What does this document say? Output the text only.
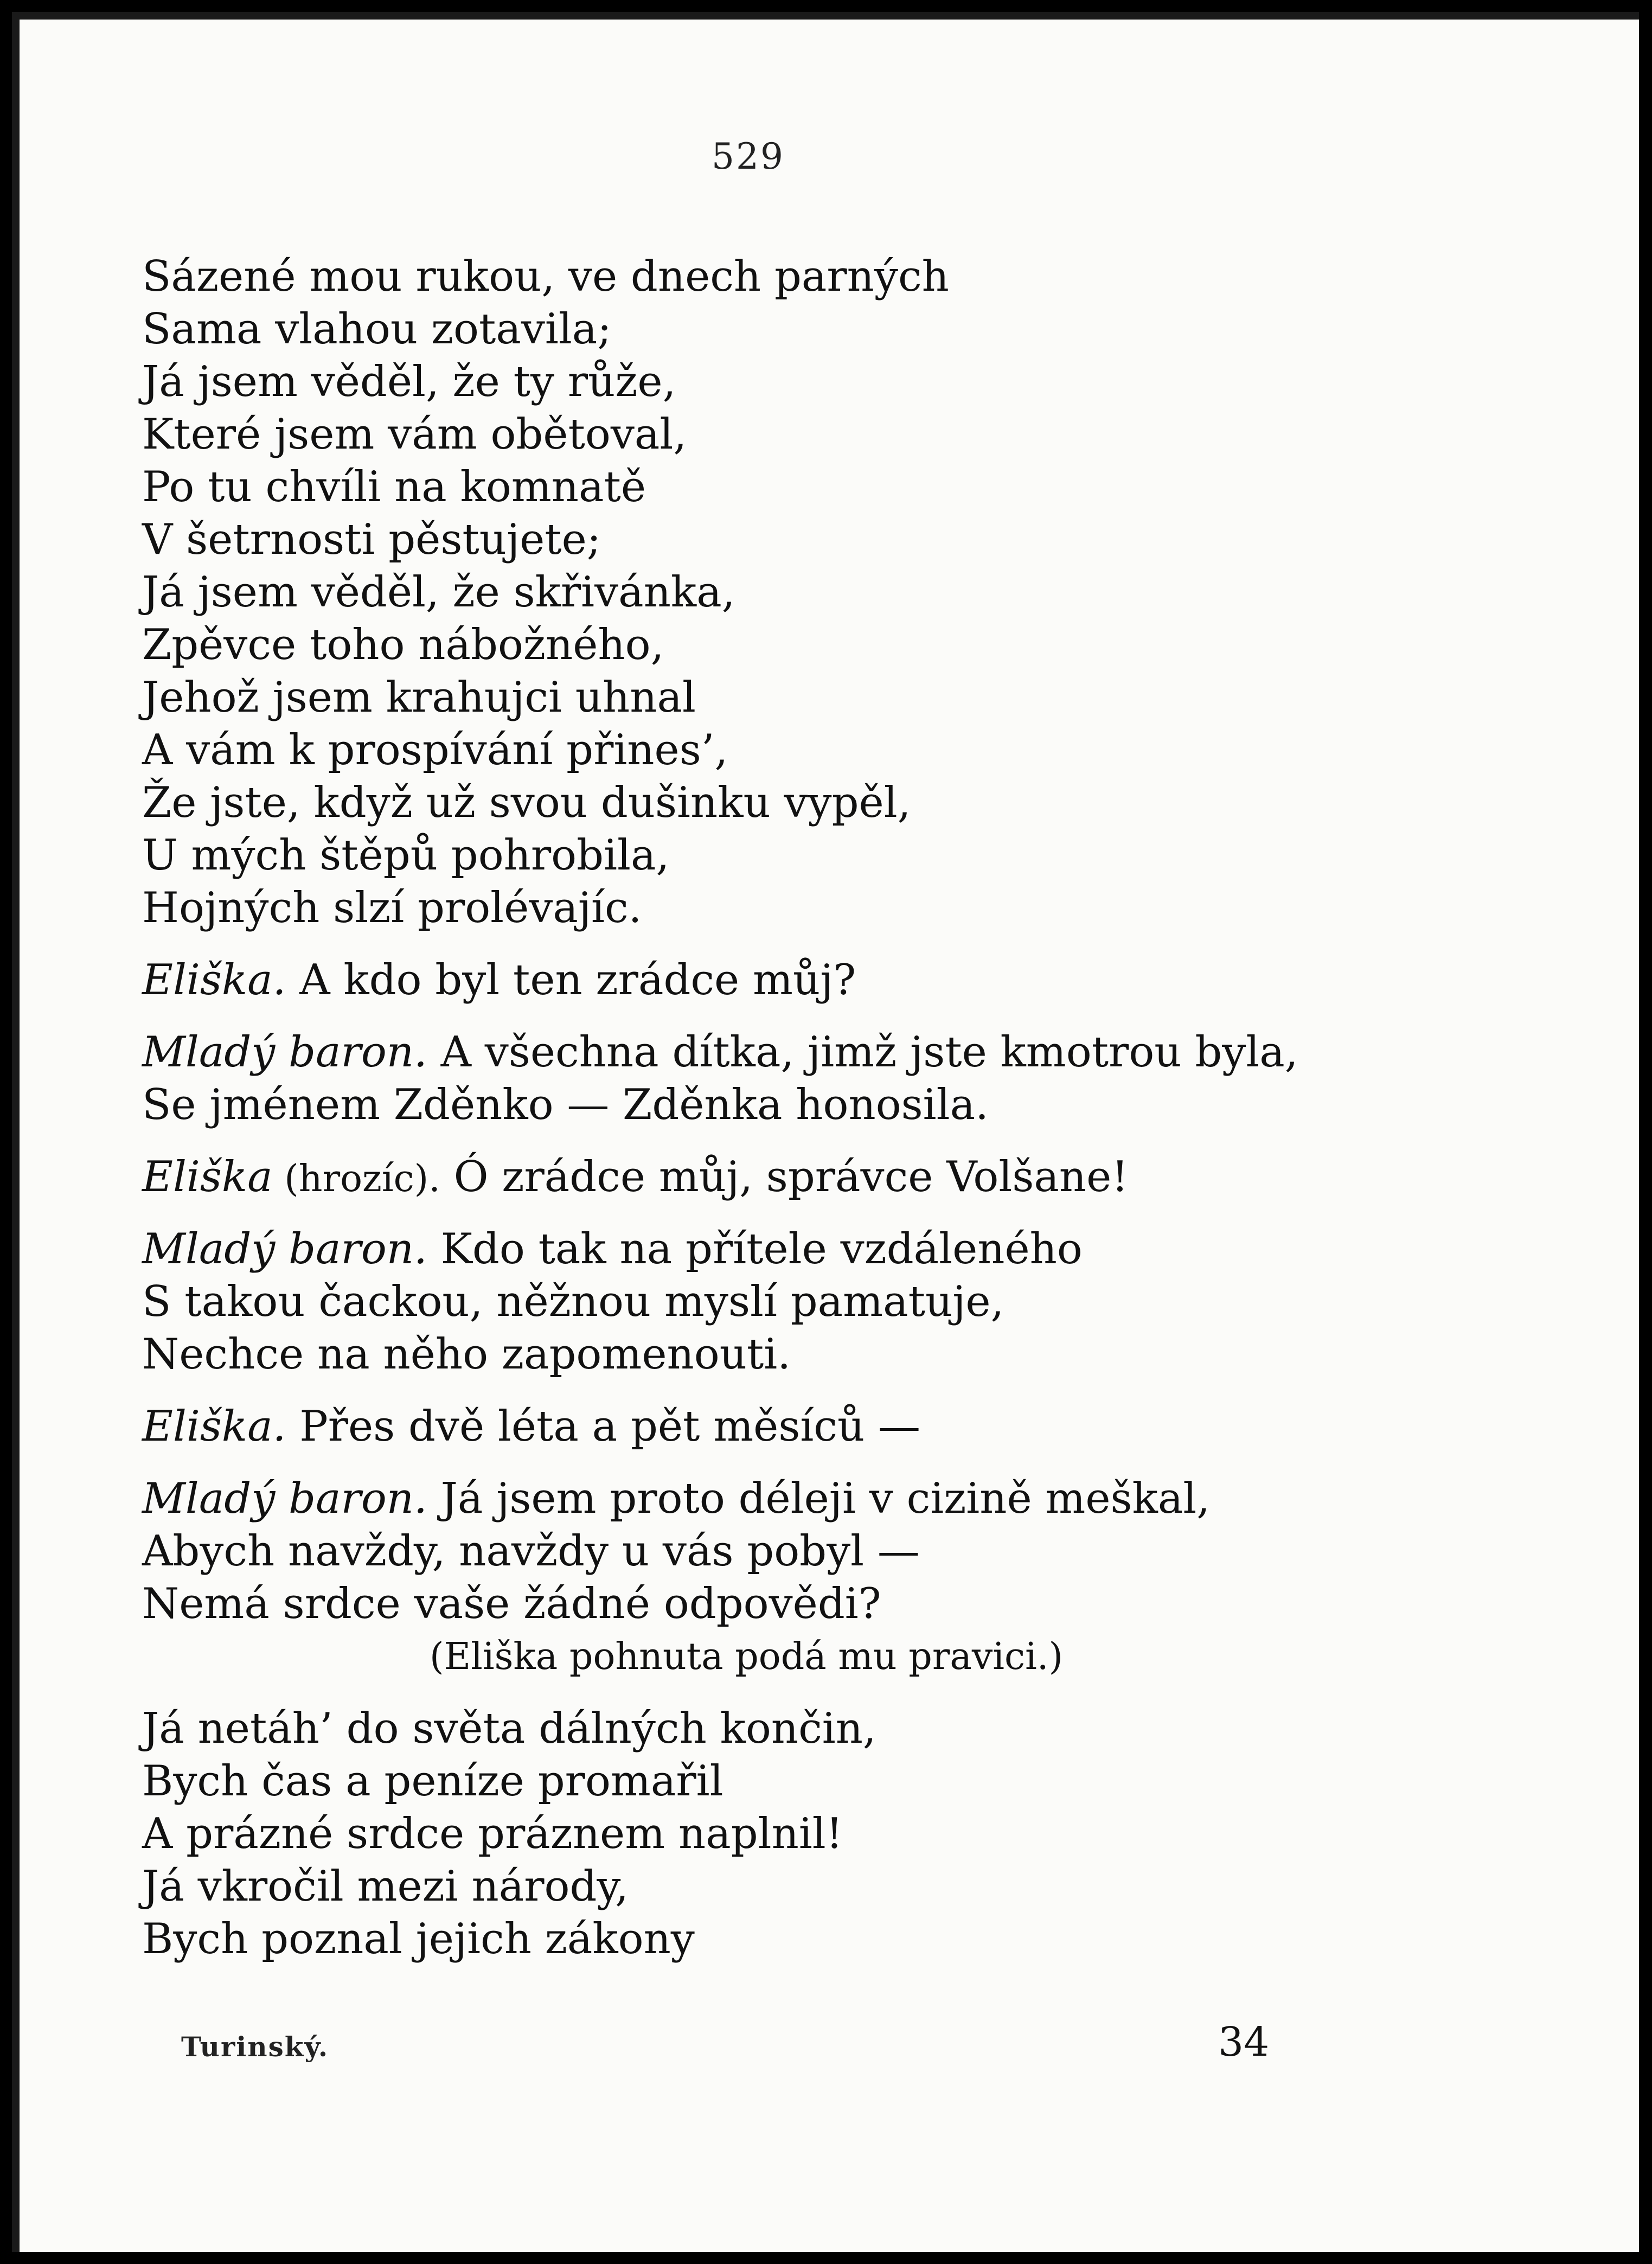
529
Sázené mou rukou, ve dnech parných
Sama vlahou zotavila;
Já jsem věděl, že ty růže,
Které jsem vám obětoval,
Po tu chvíli na komnatě
V šetrnosti pěstujete;
Já jsem věděl, že skřivánka,
Zpěvce toho nábožného,
Jehož jsem krahujci uhnal
A vám k prospívání přines’,
Že jste, když už svou dušinku vypěl,
U mých štěpů pohrobila,
Hojných slzí prolévajíc.
Eliška. A kdo byl ten zrádce můj?
Mladý baron. A všechna dítka, jimž jste kmotrou byla,
Se jménem Zděnko — Zděnka honosila.
Eliška (hrozíc). Ó zrádce můj, správce Volšane!
Mladý baron. Kdo tak na přítele vzdáleného
S takou čackou, něžnou myslí pamatuje,
Nechce na něho zapomenouti.
Eliška. Přes dvě léta a pět měsíců —
Mladý baron. Já jsem proto déleji v cizině meškal,
Abych navždy, navždy u vás pobyl —
Nemá srdce vaše žádné odpovědi?
(Eliška pohnuta podá mu pravici.)
Já netáh’ do světa dálných končin,
Bych čas a peníze promařil
A prázné srdce práznem naplnil!
Já vkročil mezi národy,
Bych poznal jejich zákony
Turinský.	34
